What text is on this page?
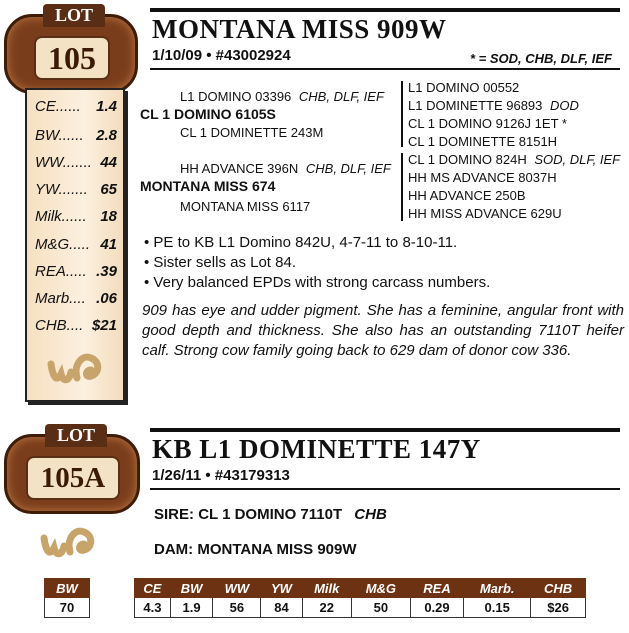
LOT
105
MONTANA MISS 909W
1/10/09 • #43002924	* = SOD, CHB, DLF, IEF
CE...... 1.4
BW...... 2.8
WW....... 44
YW....... 65
Milk...... 18
M&G..... 41
REA..... .39
Marb.... .06
CHB.... $21
L1 DOMINO 03396 CHB, DLF, IEF
CL 1 DOMINO 6105S
CL 1 DOMINETTE 243M
HH ADVANCE 396N CHB, DLF, IEF
MONTANA MISS 674
MONTANA MISS 6117
L1 DOMINO 00552
L1 DOMINETTE 96893 DOD
CL 1 DOMINO 9126J 1ET *
CL 1 DOMINETTE 8151H
CL 1 DOMINO 824H SOD, DLF, IEF
HH MS ADVANCE 8037H
HH ADVANCE 250B
HH MISS ADVANCE 629U
• PE to KB L1 Domino 842U, 4-7-11 to 8-10-11.
• Sister sells as Lot 84.
• Very balanced EPDs with strong carcass numbers.
909 has eye and udder pigment. She has a feminine, angular front with good depth and thickness. She also has an outstanding 7110T heifer calf. Strong cow family going back to 629 dam of donor cow 336.
LOT
105A
KB L1 DOMINETTE 147Y
1/26/11 • #43179313
SIRE: CL 1 DOMINO 7110T CHB
DAM: MONTANA MISS 909W
BW
70
CE	BW	WW	YW	Milk	M&G	REA	Marb.	CHB
4.3	1.9	56	84	22	50	0.29	0.15	$26
